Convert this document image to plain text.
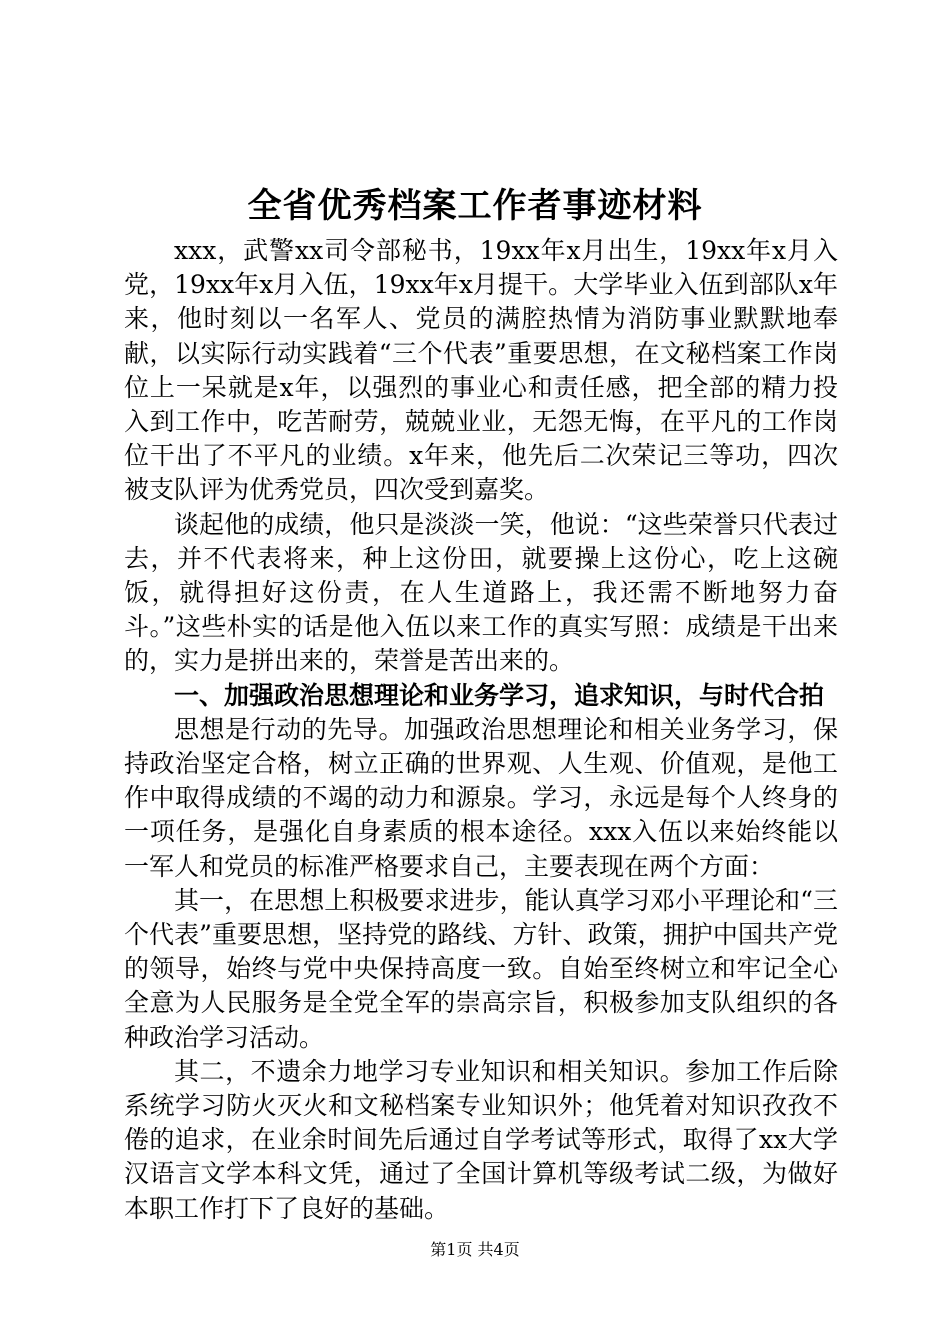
全省优秀档案工作者事迹材料

xxx，武警xx司令部秘书，19xx年x月出生，19xx年x月入党，19xx年x月入伍，19xx年x月提干。大学毕业入伍到部队x年来，他时刻以一名军人、党员的满腔热情为消防事业默默地奉献，以实际行动实践着“三个代表”重要思想，在文秘档案工作岗位上一呆就是x年，以强烈的事业心和责任感，把全部的精力投入到工作中，吃苦耐劳，兢兢业业，无怨无悔，在平凡的工作岗位干出了不平凡的业绩。x年来，他先后二次荣记三等功，四次被支队评为优秀党员，四次受到嘉奖。

谈起他的成绩，他只是淡淡一笑，他说：“这些荣誉只代表过去，并不代表将来，种上这份田，就要操上这份心，吃上这碗饭，就得担好这份责，在人生道路上，我还需不断地努力奋斗。”这些朴实的话是他入伍以来工作的真实写照：成绩是干出来的，实力是拼出来的，荣誉是苦出来的。

一、加强政治思想理论和业务学习，追求知识，与时代合拍

思想是行动的先导。加强政治思想理论和相关业务学习，保持政治坚定合格，树立正确的世界观、人生观、价值观，是他工作中取得成绩的不竭的动力和源泉。学习，永远是每个人终身的一项任务，是强化自身素质的根本途径。xxx入伍以来始终能以一军人和党员的标准严格要求自己，主要表现在两个方面：

其一，在思想上积极要求进步，能认真学习邓小平理论和“三个代表”重要思想，坚持党的路线、方针、政策，拥护中国共产党的领导，始终与党中央保持高度一致。自始至终树立和牢记全心全意为人民服务是全党全军的崇高宗旨，积极参加支队组织的各种政治学习活动。

其二，不遗余力地学习专业知识和相关知识。参加工作后除系统学习防火灭火和文秘档案专业知识外；他凭着对知识孜孜不倦的追求，在业余时间先后通过自学考试等形式，取得了xx大学汉语言文学本科文凭，通过了全国计算机等级考试二级，为做好本职工作打下了良好的基础。

第1页 共4页
